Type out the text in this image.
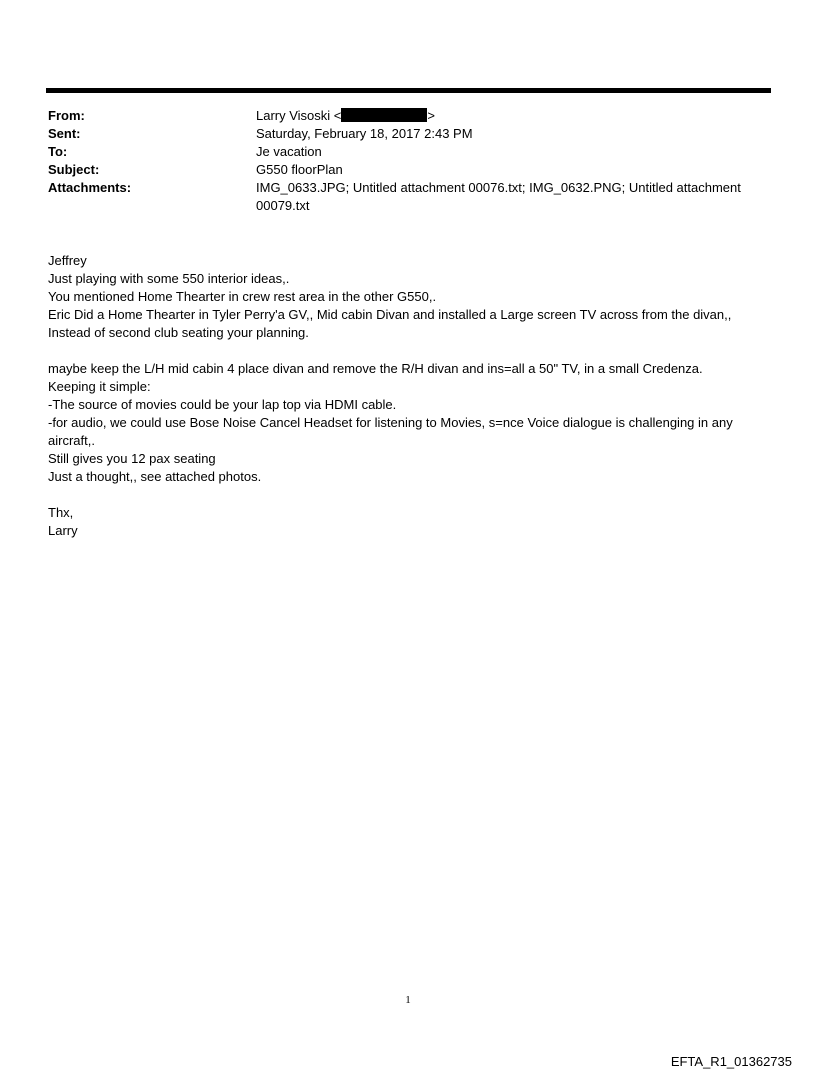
From:	Larry Visoski <	>
Sent:	Saturday, February 18, 2017 2:43 PM
To:	Je vacation
Subject:	G550 floorPlan
Attachments:	IMG_0633.JPG; Untitled attachment 00076.txt; IMG_0632.PNG; Untitled attachment 00079.txt
Jeffrey
Just playing with some 550 interior ideas,.
You mentioned Home Thearter in crew rest area in the other G550,.
Eric Did a Home Thearter in Tyler Perry'a GV,, Mid cabin Divan and installed a Large screen TV across from the divan,, Instead of second club seating your planning.
maybe keep the L/H mid cabin 4 place divan and remove the R/H divan and ins=all a 50" TV, in a small Credenza.
Keeping it simple:
-The source of movies could be your lap top via HDMI cable.
-for audio, we could use Bose Noise Cancel Headset for listening to Movies, s=nce Voice dialogue is challenging in any aircraft,.
Still gives you 12 pax seating
Just a thought,, see attached photos.
Thx,
Larry
1
EFTA_R1_01362735
